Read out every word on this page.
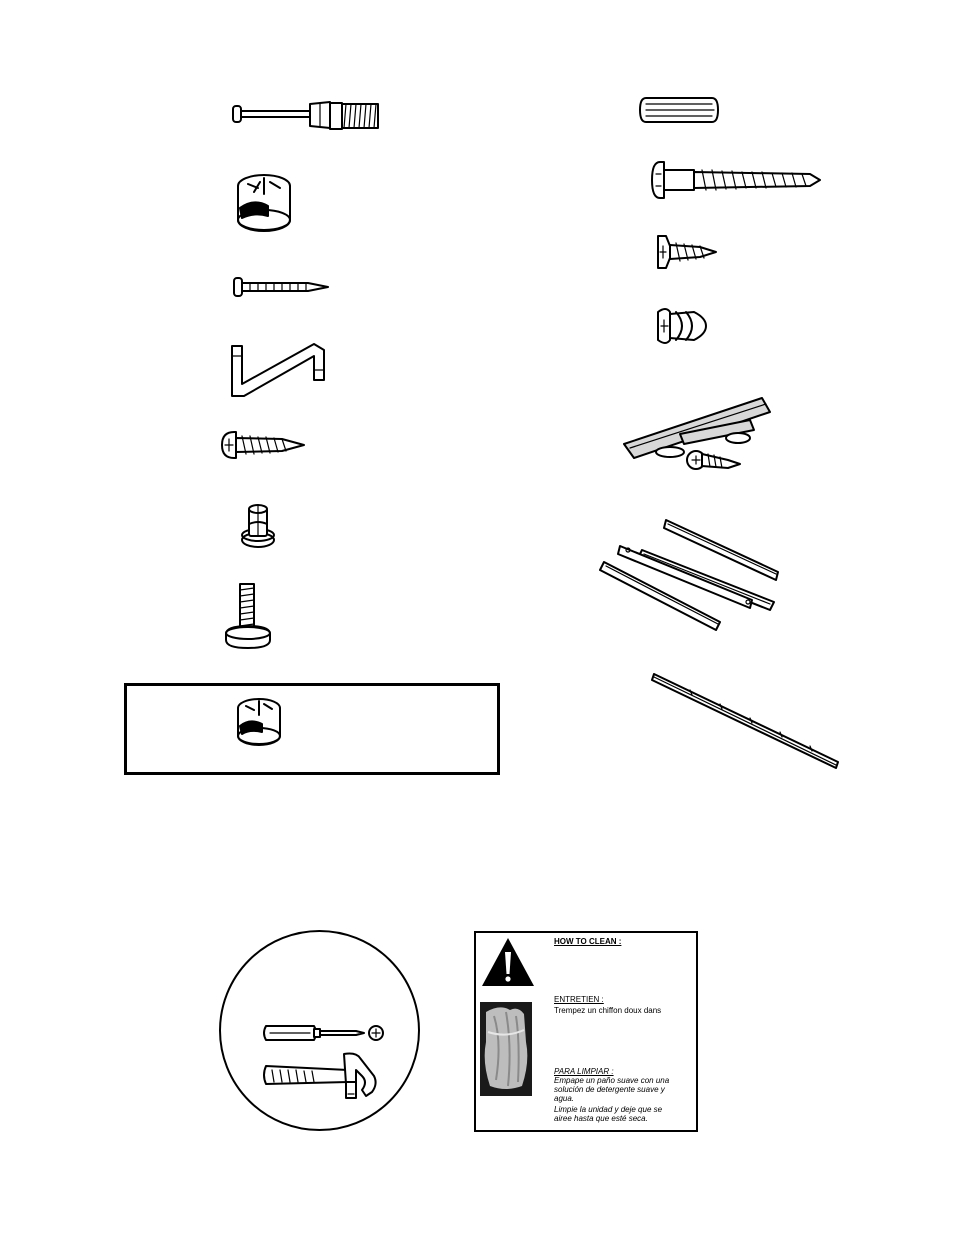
HOW TO CLEAN :
ENTRETIEN :
Trempez un chiffon doux dans
PARA LIMPIAR :
Empape un paño suave con una solución de detergente suave y agua.
Limpie la unidad y deje que se airee hasta que esté seca.
